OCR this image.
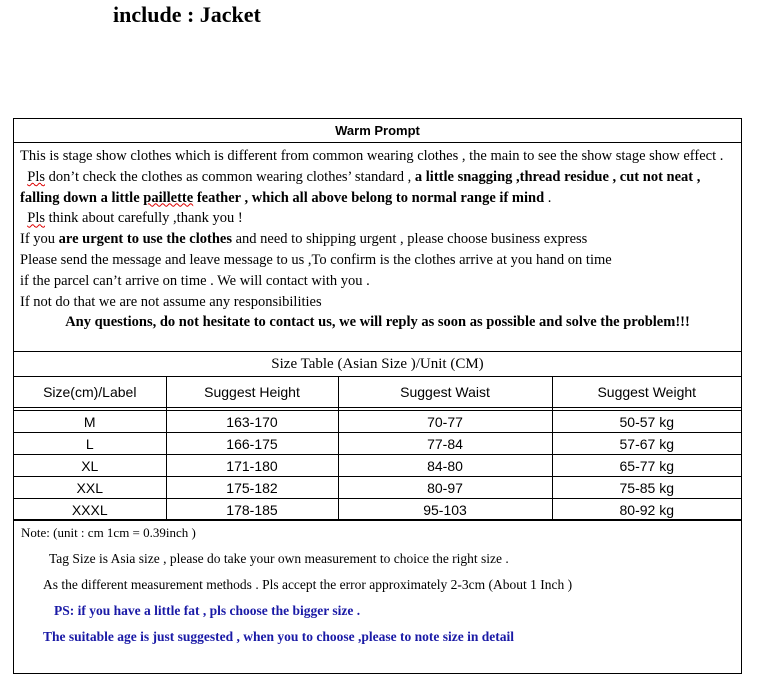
include : Jacket
Warm Prompt

This is stage show clothes which is different from common wearing clothes , the main to see the show stage show effect .

Pls don’t check the clothes as common wearing clothes’ standard , a little snagging ,thread residue , cut not neat , falling down a little paillette feather , which all above belong to normal range if mind .

Pls think about carefully ,thank you !

If you are urgent to use the clothes and need to shipping urgent , please choose business express

Please send the message and leave message to us ,To confirm is the clothes arrive at you hand on time

if the parcel can’t arrive on time . We will contact with you .

If not do that we are not assume any responsibilities

Any questions, do not hesitate to contact us, we will reply as soon as possible and solve the problem!!!

Size Table (Asian Size )/Unit (CM)
Size(cm)/Label	Suggest Height	Suggest Waist	Suggest Weight

M	163-170	70-77	50-57 kg
L	166-175	77-84	57-67 kg
XL	171-180	84-80	65-77 kg
XXL	175-182	80-97	75-85 kg
XXXL	178-185	95-103	80-92 kg
Note: (unit : cm 1cm = 0.39inch )
Tag Size is Asia size , please do take your own measurement to choice the right size .
As the different measurement methods . Pls accept the error approximately 2-3cm (About 1 Inch )
PS: if you have a little fat , pls choose the bigger size .
The suitable age is just suggested , when you to choose ,please to note size in detail
